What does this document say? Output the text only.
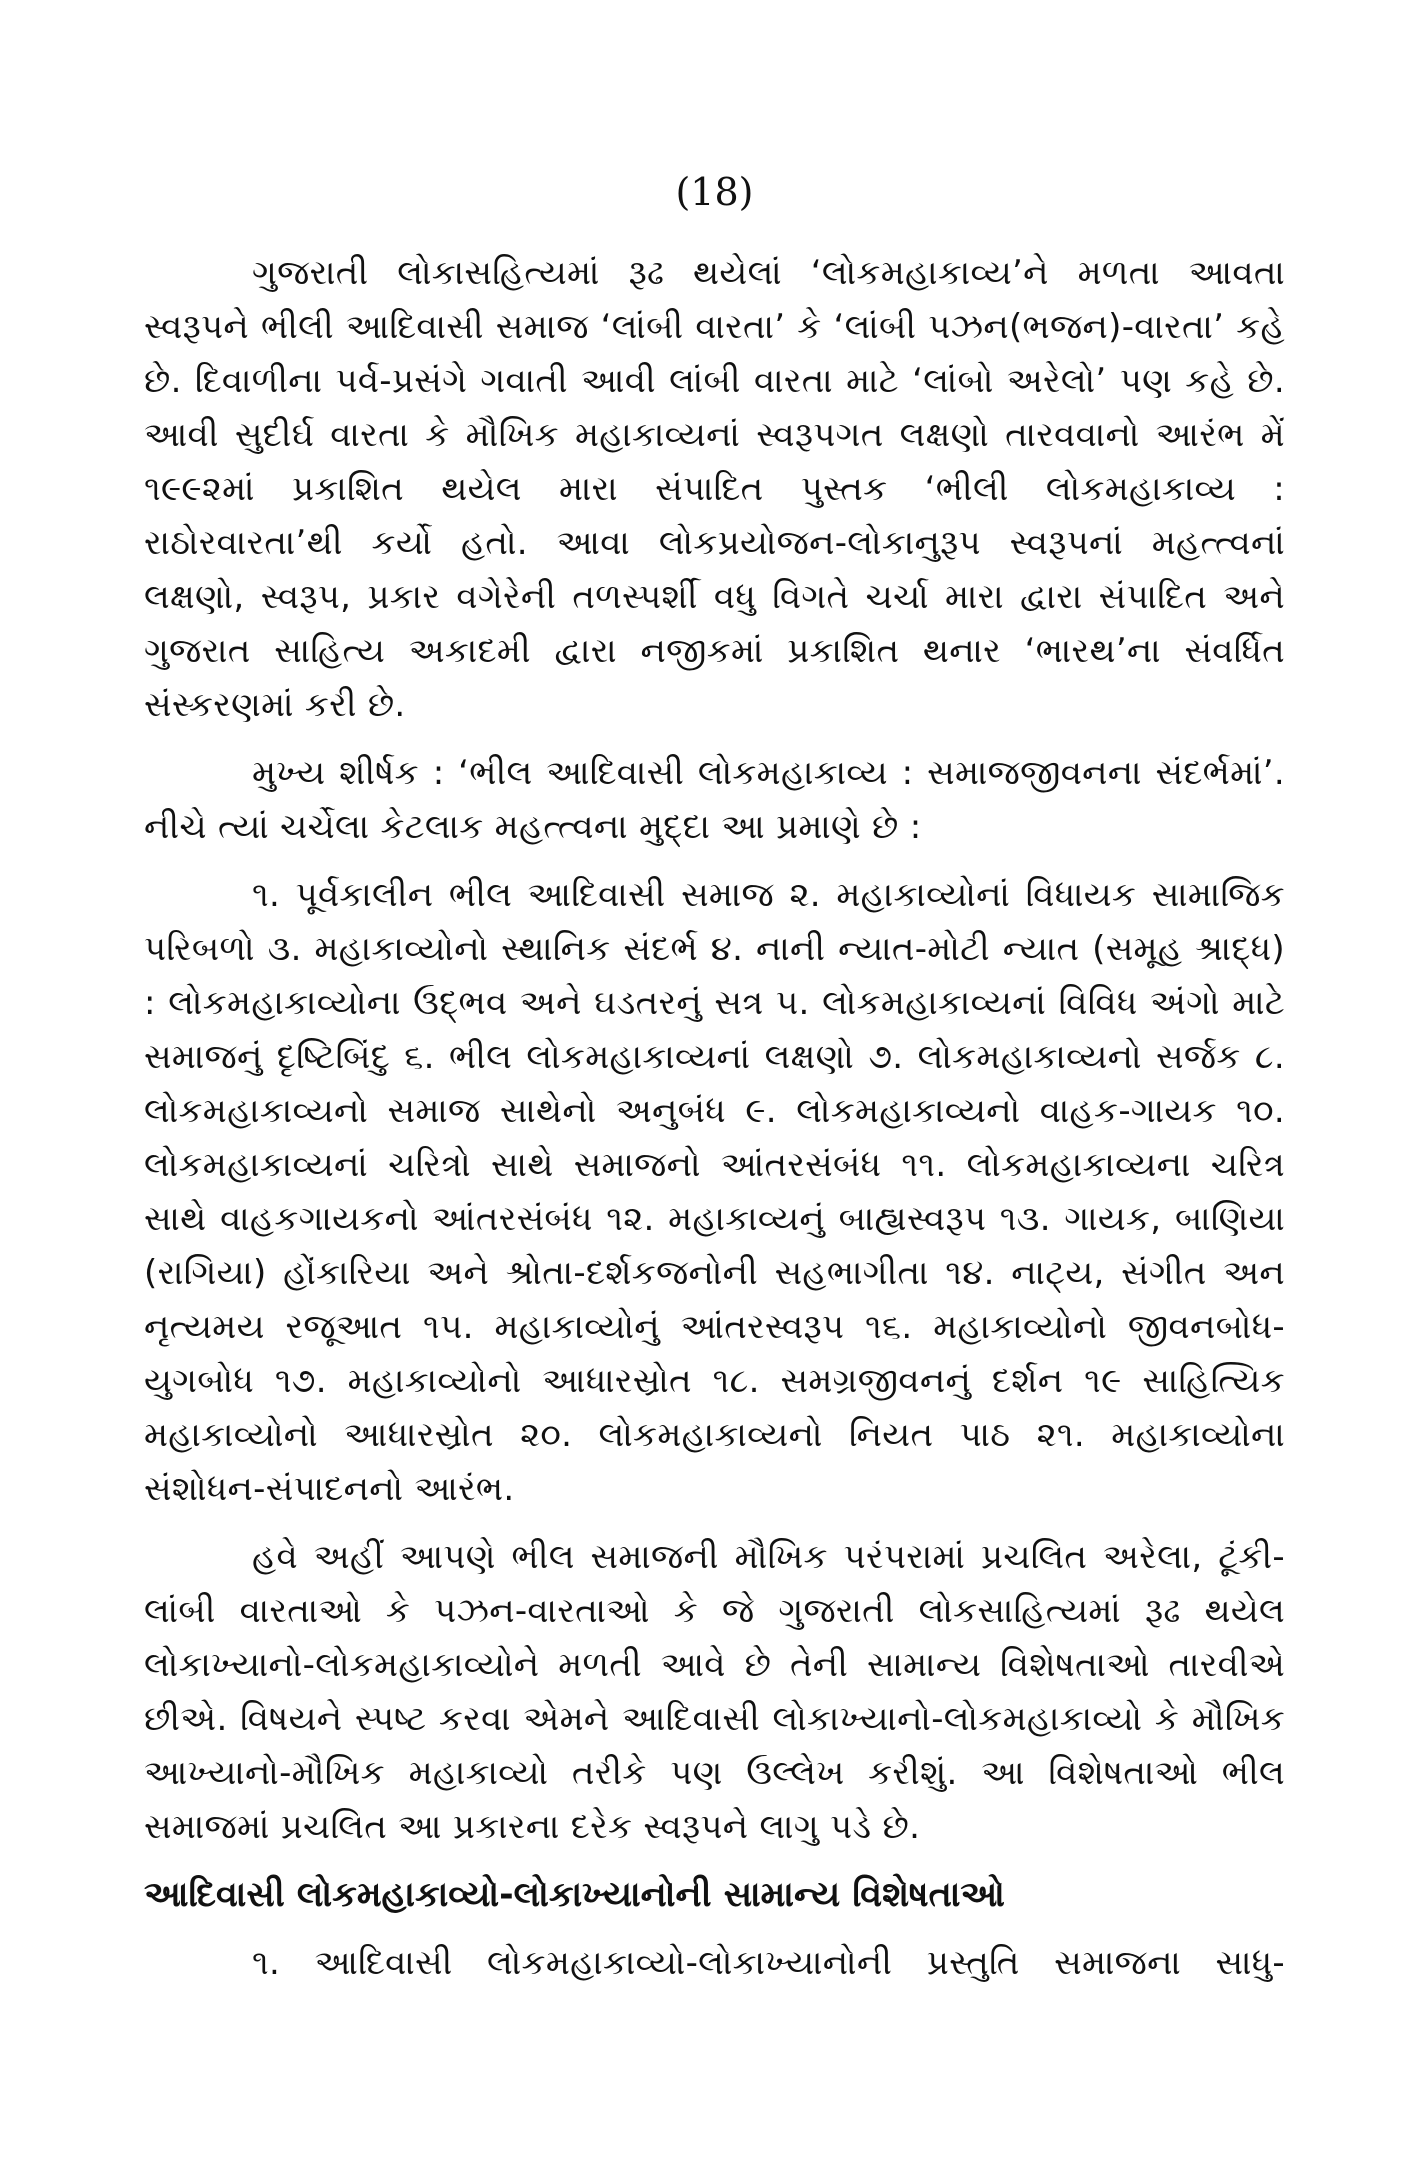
(18)

ગુજરાતી લોકાસહિત્યમાં રૂઢ થયેલાં ‘લોકમહાકાવ્ય’ને મળતા આવતા સ્વરૂપને ભીલી આદિવાસી સમાજ ‘લાંબી વારતા’ કે ‘લાંબી પઝન(ભજન)-વારતા’ કહે છે. દિવાળીના પર્વ-પ્રસંગે ગવાતી આવી લાંબી વારતા માટે ‘લાંબો અરેલો’ પણ કહે છે. આવી સુદીર્ઘ વારતા કે મૌખિક મહાકાવ્યનાં સ્વરૂપગત લક્ષણો તારવવાનો આરંભ મેં ૧૯૯૨માં પ્રકાશિત થયેલ મારા સંપાદિત પુસ્તક ‘ભીલી લોકમહાકાવ્ય : રાઠોરવારતા’થી કર્યો હતો. આવા લોકપ્રયોજન-લોકાનુરૂપ સ્વરૂપનાં મહત્ત્વનાં લક્ષણો, સ્વરૂપ, પ્રકાર વગેરેની તળસ્પર્શી વધુ વિગતે ચર્ચા મારા દ્વારા સંપાદિત અને ગુજરાત સાહિત્ય અકાદમી દ્વારા નજીકમાં પ્રકાશિત થનાર ‘ભારથ’ના સંવર્ધિત સંસ્કરણમાં કરી છે.

મુખ્ય શીર્ષક : ‘ભીલ આદિવાસી લોકમહાકાવ્ય : સમાજજીવનના સંદર્ભમાં’. નીચે ત્યાં ચર્ચેલા કેટલાક મહત્ત્વના મુદ્દા આ પ્રમાણે છે :

૧. પૂર્વકાલીન ભીલ આદિવાસી સમાજ ૨. મહાકાવ્યોનાં વિધાયક સામાજિક પરિબળો ૩. મહાકાવ્યોનો સ્થાનિક સંદર્ભ ૪. નાની ન્યાત-મોટી ન્યાત (સમૂહ શ્રાદ્ધ) : લોકમહાકાવ્યોના ઉદ્ભવ અને ઘડતરનું સત્ર ૫. લોકમહાકાવ્યનાં વિવિધ અંગો માટે સમાજનું દૃષ્ટિબિંદુ ૬. ભીલ લોકમહાકાવ્યનાં લક્ષણો ૭. લોકમહાકાવ્યનો સર્જક ૮. લોકમહાકાવ્યનો સમાજ સાથેનો અનુબંધ ૯. લોકમહાકાવ્યનો વાહક-ગાયક ૧૦. લોકમહાકાવ્યનાં ચરિત્રો સાથે સમાજનો આંતરસંબંધ ૧૧. લોકમહાકાવ્યના ચરિત્ર સાથે વાહકગાયકનો આંતરસંબંધ ૧૨. મહાકાવ્યનું બાહ્યસ્વરૂપ ૧૩. ગાયક, બાણિયા (રાગિયા) હોંકારિયા અને શ્રોતા-દર્શકજનોની સહભાગીતા ૧૪. નાટ્ય, સંગીત અન નૃત્યમય રજૂઆત ૧૫. મહાકાવ્યોનું આંતરસ્વરૂપ ૧૬. મહાકાવ્યોનો જીવનબોધ-યુગબોધ ૧૭. મહાકાવ્યોનો આધારસ્રોત ૧૮. સમગ્રજીવનનું દર્શન ૧૯ સાહિત્યિક મહાકાવ્યોનો આધારસ્રોત ૨૦. લોકમહાકાવ્યનો નિયત પાઠ ૨૧. મહાકાવ્યોના સંશોધન-સંપાદનનો આરંભ.

હવે અહીં આપણે ભીલ સમાજની મૌખિક પરંપરામાં પ્રચલિત અરેલા, ટૂંકી-લાંબી વારતાઓ કે પઝન-વારતાઓ કે જે ગુજરાતી લોકસાહિત્યમાં રૂઢ થયેલ લોકાખ્યાનો-લોકમહાકાવ્યોને મળતી આવે છે તેની સામાન્ય વિશેષતાઓ તારવીએ છીએ. વિષયને સ્પષ્ટ કરવા એમને આદિવાસી લોકાખ્યાનો-લોકમહાકાવ્યો કે મૌખિક આખ્યાનો-મૌખિક મહાકાવ્યો તરીકે પણ ઉલ્લેખ કરીશું. આ વિશેષતાઓ ભીલ સમાજમાં પ્રચલિત આ પ્રકારના દરેક સ્વરૂપને લાગુ પડે છે.

આદિવાસી લોકમહાકાવ્યો-લોકાખ્યાનોની સામાન્ય વિશેષતાઓ

૧. આદિવાસી લોકમહાકાવ્યો-લોકાખ્યાનોની પ્રસ્તુતિ સમાજના સાધુ-
